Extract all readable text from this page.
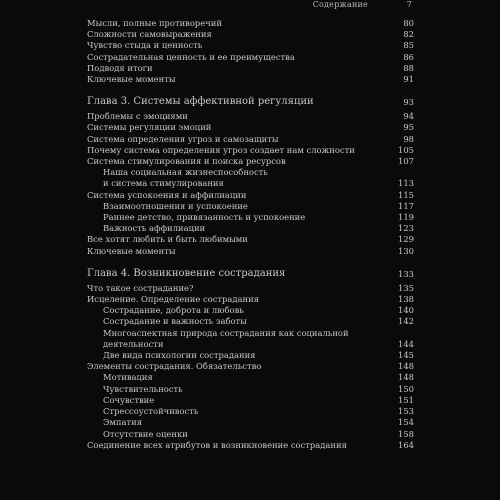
Содержание	7
Мысли, полные противоречий	80
Сложности самовыражения	82
Чувство стыда и ценность	85
Сострадательная ценность и ее преимущества	86
Подводя итоги	88
Ключевые моменты	91
Глава 3. Системы аффективной регуляции	93
Проблемы с эмоциями	94
Системы регуляции эмоций	95
Система определения угроз и самозащиты	98
Почему система определения угроз создает нам сложности	105
Система стимулирования и поиска ресурсов	107
Наша социальная жизнеспособность
и система стимулирования	113
Система успокоения и аффилиации	115
Взаимоотношения и успокоение	117
Раннее детство, привязанность и успокоение	119
Важность аффилиации	123
Все хотят любить и быть любимыми	129
Ключевые моменты	130
Глава 4. Возникновение сострадания	133
Что такое сострадание?	135
Исцеление. Определение сострадания	138
Сострадание, доброта и любовь	140
Сострадание и важность заботы	142
Многоаспектная природа сострадания как социальной
деятельности	144
Две вида психологии сострадания	145
Элементы сострадания. Обязательство	148
Мотивация	148
Чувствительность	150
Сочувствие	151
Стрессоустойчивость	153
Эмпатия	154
Отсутствие оценки	158
Соединение всех атрибутов и возникновение сострадания	164
